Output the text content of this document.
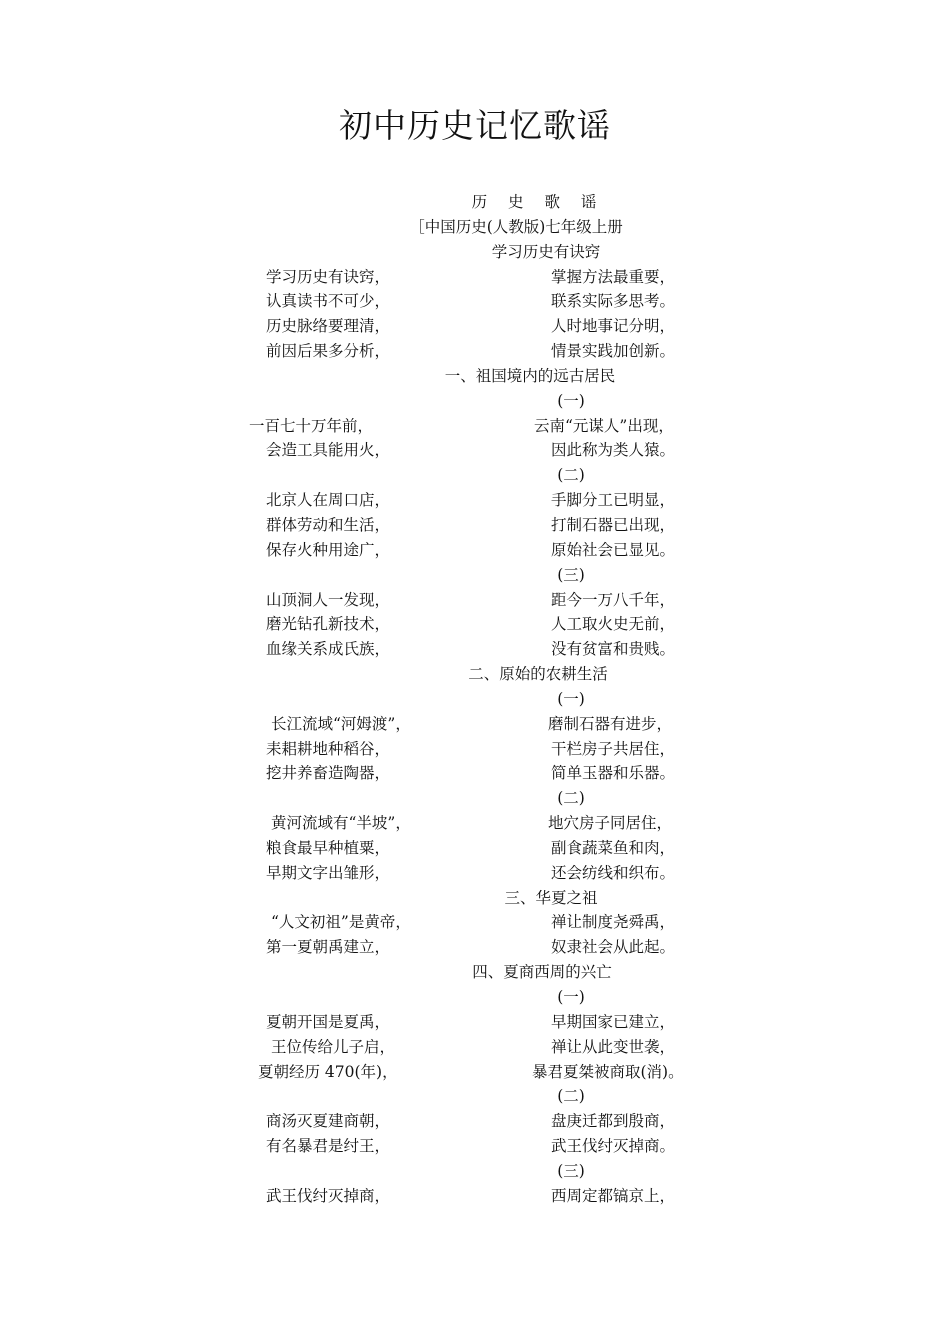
初中历史记忆歌谣
历 史 歌 谣
［中国历史(人教版)七年级上册
学习历史有诀窍
学习历史有诀窍，	掌握方法最重要，
认真读书不可少，	联系实际多思考。
历史脉络要理清，	人时地事记分明，
前因后果多分析，	情景实践加创新。
一、祖国境内的远古居民
(一)
一百七十万年前，	云南“元谋人”出现，
会造工具能用火，	因此称为类人猿。
(二)
北京人在周口店，	手脚分工已明显，
群体劳动和生活，	打制石器已出现，
保存火种用途广，	原始社会已显见。
(三)
山顶洞人一发现，	距今一万八千年，
磨光钻孔新技术，	人工取火史无前，
血缘关系成氏族，	没有贫富和贵贱。
二、原始的农耕生活
(一)
长江流域“河姆渡”，	磨制石器有进步，
耒耜耕地种稻谷，	干栏房子共居住，
挖井养畜造陶器，	简单玉器和乐器。
(二)
黄河流域有“半坡”，	地穴房子同居住，
粮食最早种植粟，	副食蔬菜鱼和肉，
早期文字出雏形，	还会纺线和织布。
三、华夏之祖
“人文初祖”是黄帝，	禅让制度尧舜禹，
第一夏朝禹建立，	奴隶社会从此起。
四、夏商西周的兴亡
(一)
夏朝开国是夏禹，	早期国家已建立，
王位传给儿子启，	禅让从此变世袭，
夏朝经历 470(年)，	暴君夏桀被商取(消)。
(二)
商汤灭夏建商朝，	盘庚迁都到殷商，
有名暴君是纣王，	武王伐纣灭掉商。
(三)
武王伐纣灭掉商，	西周定都镐京上，
